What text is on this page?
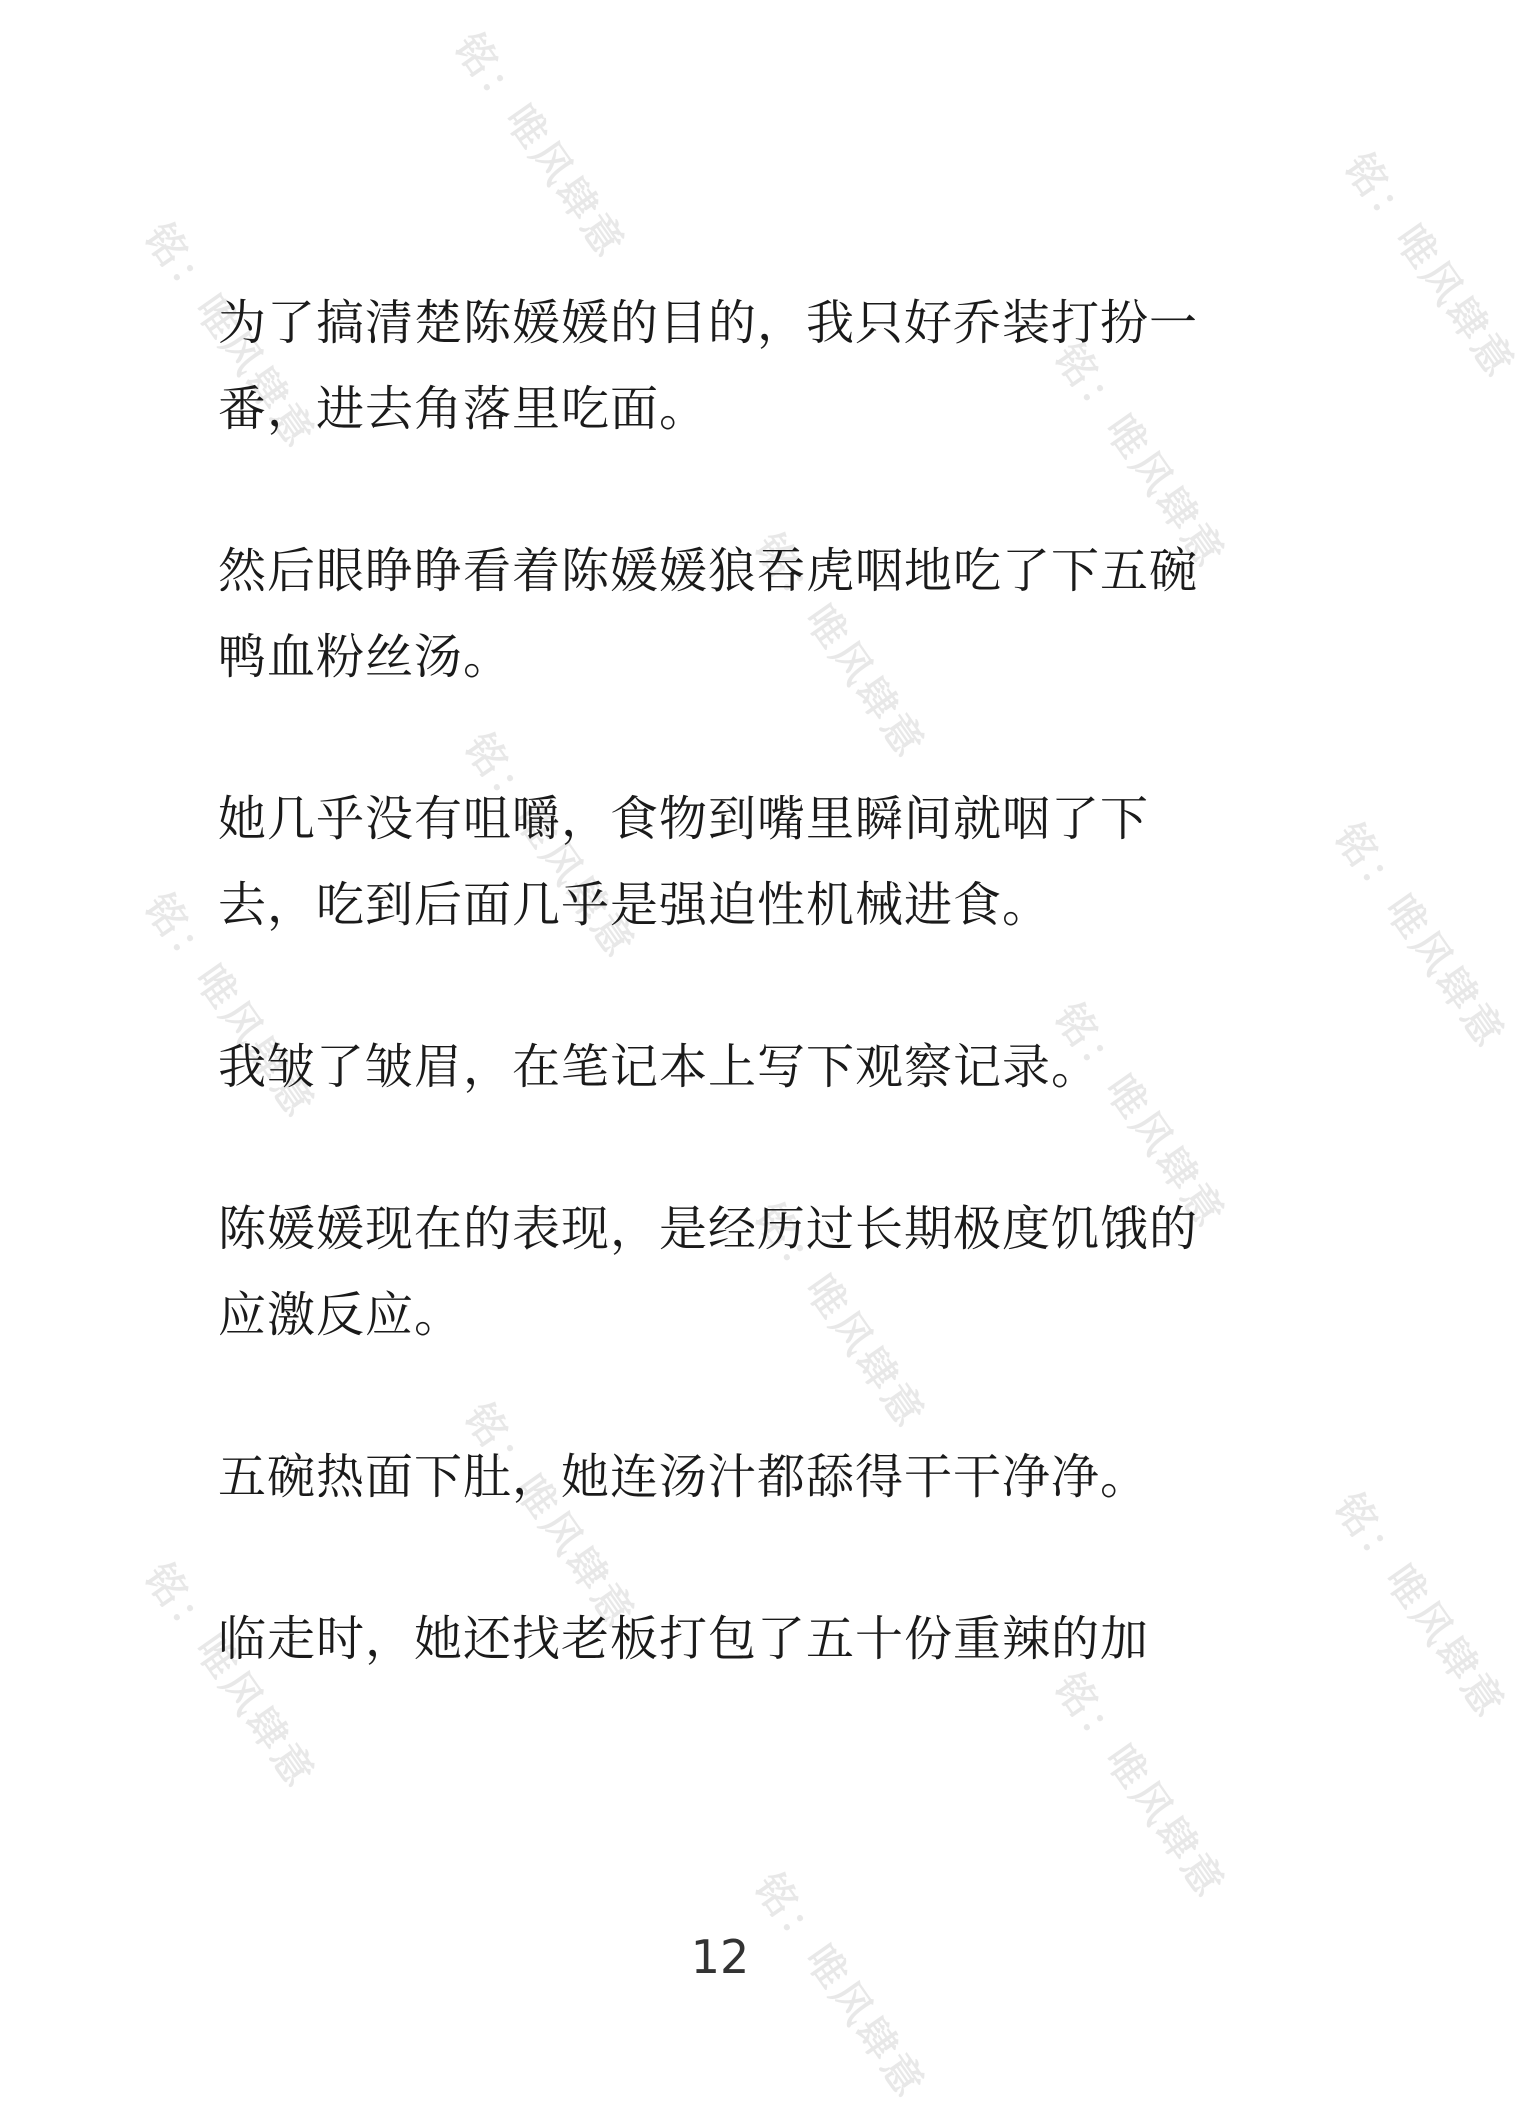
铭：唯风肆意	铭：唯风肆意
铭：唯风肆意	铭：唯风肆意
铭：唯风肆意
铭：唯风肆意	铭：唯风肆意
铭：唯风肆意	铭：唯风肆意
铭：唯风肆意
铭：唯风肆意	铭：唯风肆意
铭：唯风肆意	铭：唯风肆意
铭：唯风肆意

为了搞清楚陈媛媛的目的，我只好乔装打扮一番，进去角落里吃面。

然后眼睁睁看着陈媛媛狼吞虎咽地吃了下五碗鸭血粉丝汤。

她几乎没有咀嚼，食物到嘴里瞬间就咽了下去，吃到后面几乎是强迫性机械进食。

我皱了皱眉，在笔记本上写下观察记录。

陈媛媛现在的表现，是经历过长期极度饥饿的应激反应。

五碗热面下肚，她连汤汁都舔得干干净净。

临走时，她还找老板打包了五十份重辣的加

12
